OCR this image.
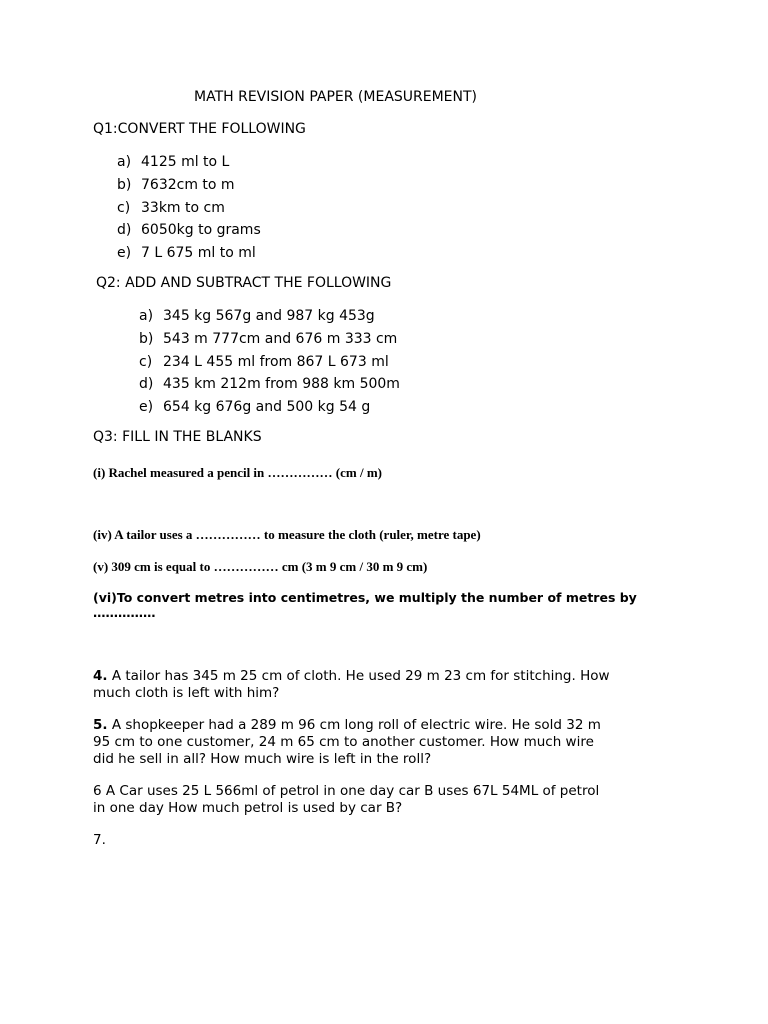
MATH REVISION PAPER (MEASUREMENT)
Q1:CONVERT THE FOLLOWING
a) 4125 ml to L
b) 7632cm to m
c) 33km to cm
d) 6050kg to grams
e) 7 L 675 ml to ml
Q2: ADD AND SUBTRACT THE FOLLOWING
a) 345 kg 567g and 987 kg 453g
b) 543 m 777cm and 676 m 333 cm
c) 234 L 455 ml from 867 L 673 ml
d) 435 km 212m from 988 km 500m
e) 654 kg 676g and 500 kg 54 g
Q3: FILL IN THE BLANKS
(i) Rachel measured a pencil in …………… (cm / m)
(iv) A tailor uses a …………… to measure the cloth (ruler, metre tape)
(v) 309 cm is equal to …………… cm (3 m 9 cm / 30 m 9 cm)
(vi)To convert metres into centimetres, we multiply the number of metres by
……………
4. A tailor has 345 m 25 cm of cloth. He used 29 m 23 cm for stitching. How
much cloth is left with him?
5. A shopkeeper had a 289 m 96 cm long roll of electric wire. He sold 32 m
95 cm to one customer, 24 m 65 cm to another customer. How much wire
did he sell in all? How much wire is left in the roll?
6 A Car uses 25 L 566ml of petrol in one day car B uses 67L 54ML of petrol
in one day How much petrol is used by car B?
7.
